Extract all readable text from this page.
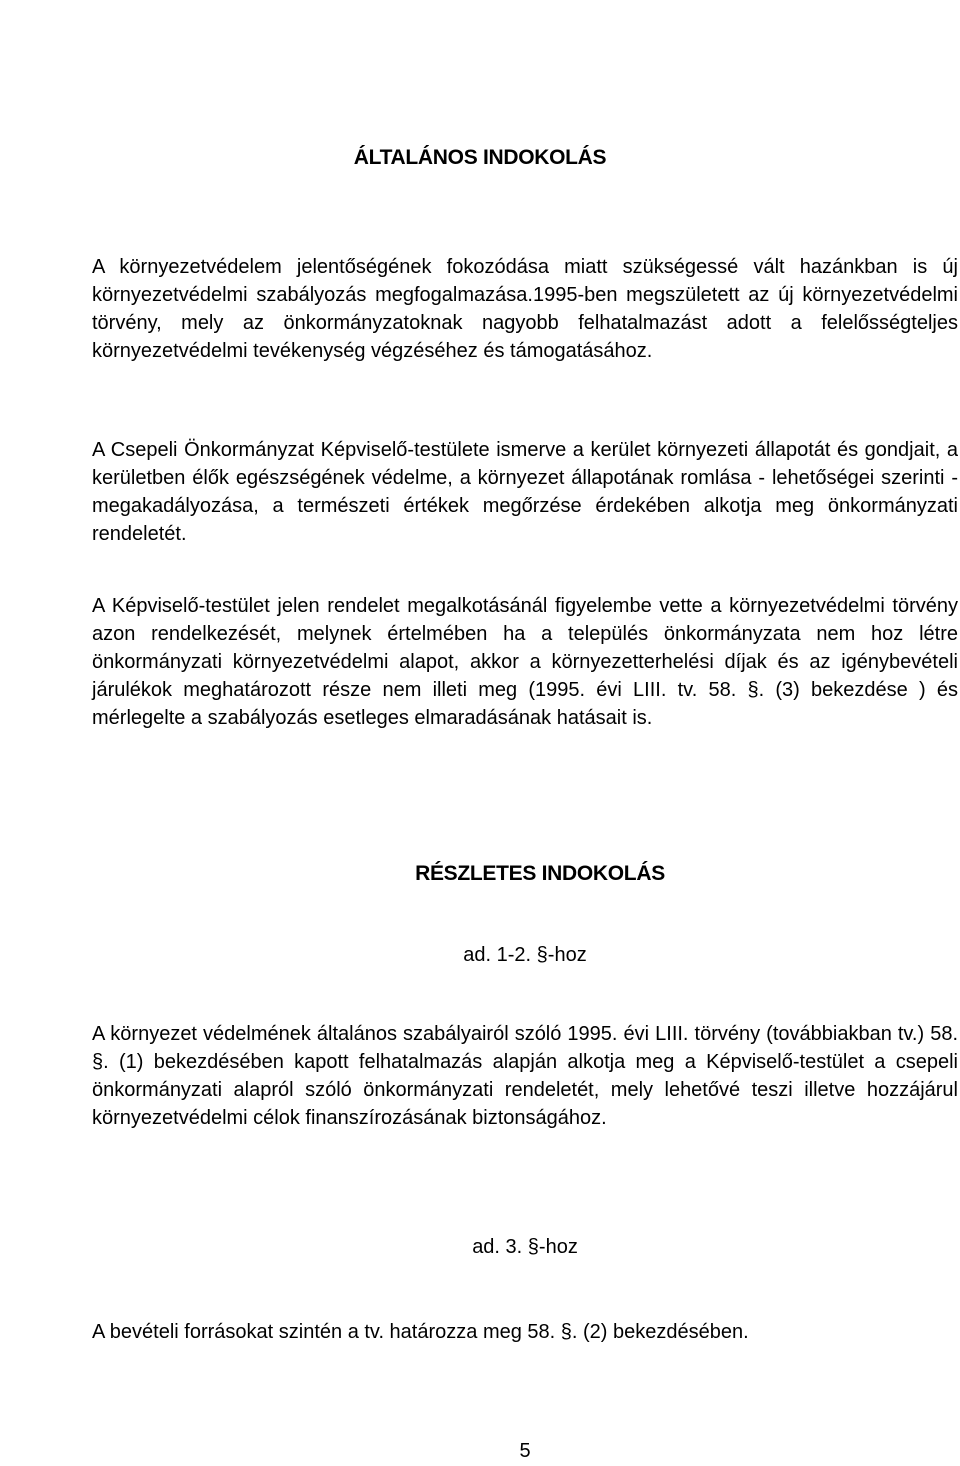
ÁLTALÁNOS INDOKOLÁS

A környezetvédelem jelentőségének fokozódása miatt szükségessé vált hazánkban is új környezetvédelmi szabályozás megfogalmazása.1995-ben megszületett az új környezetvédelmi törvény, mely az önkormányzatoknak nagyobb felhatalmazást adott a felelősségteljes környezetvédelmi tevékenység végzéséhez és támogatásához.

A Csepeli Önkormányzat Képviselő-testülete ismerve a kerület környezeti állapotát és gondjait, a kerületben élők egészségének védelme, a környezet állapotának romlása - lehetőségei szerinti - megakadályozása, a természeti értékek megőrzése érdekében alkotja meg önkormányzati rendeletét.

A Képviselő-testület jelen rendelet megalkotásánál figyelembe vette a környezetvédelmi törvény azon rendelkezését, melynek értelmében ha a település önkormányzata nem hoz létre önkormányzati környezetvédelmi alapot, akkor a környezetterhelési díjak és az igénybevételi járulékok meghatározott része nem illeti meg (1995. évi LIII. tv. 58. §. (3) bekezdése ) és mérlegelte a szabályozás esetleges elmaradásának hatásait is.

RÉSZLETES INDOKOLÁS

ad. 1-2. §-hoz

A környezet védelmének általános szabályairól szóló 1995. évi LIII. törvény (továbbiakban tv.) 58. §. (1) bekezdésében kapott felhatalmazás alapján alkotja meg a Képviselő-testület a csepeli önkormányzati alapról szóló önkormányzati rendeletét, mely lehetővé teszi illetve hozzájárul környezetvédelmi célok finanszírozásának biztonságához.

ad. 3. §-hoz

A bevételi forrásokat szintén a tv. határozza meg 58. §. (2) bekezdésében.

5
